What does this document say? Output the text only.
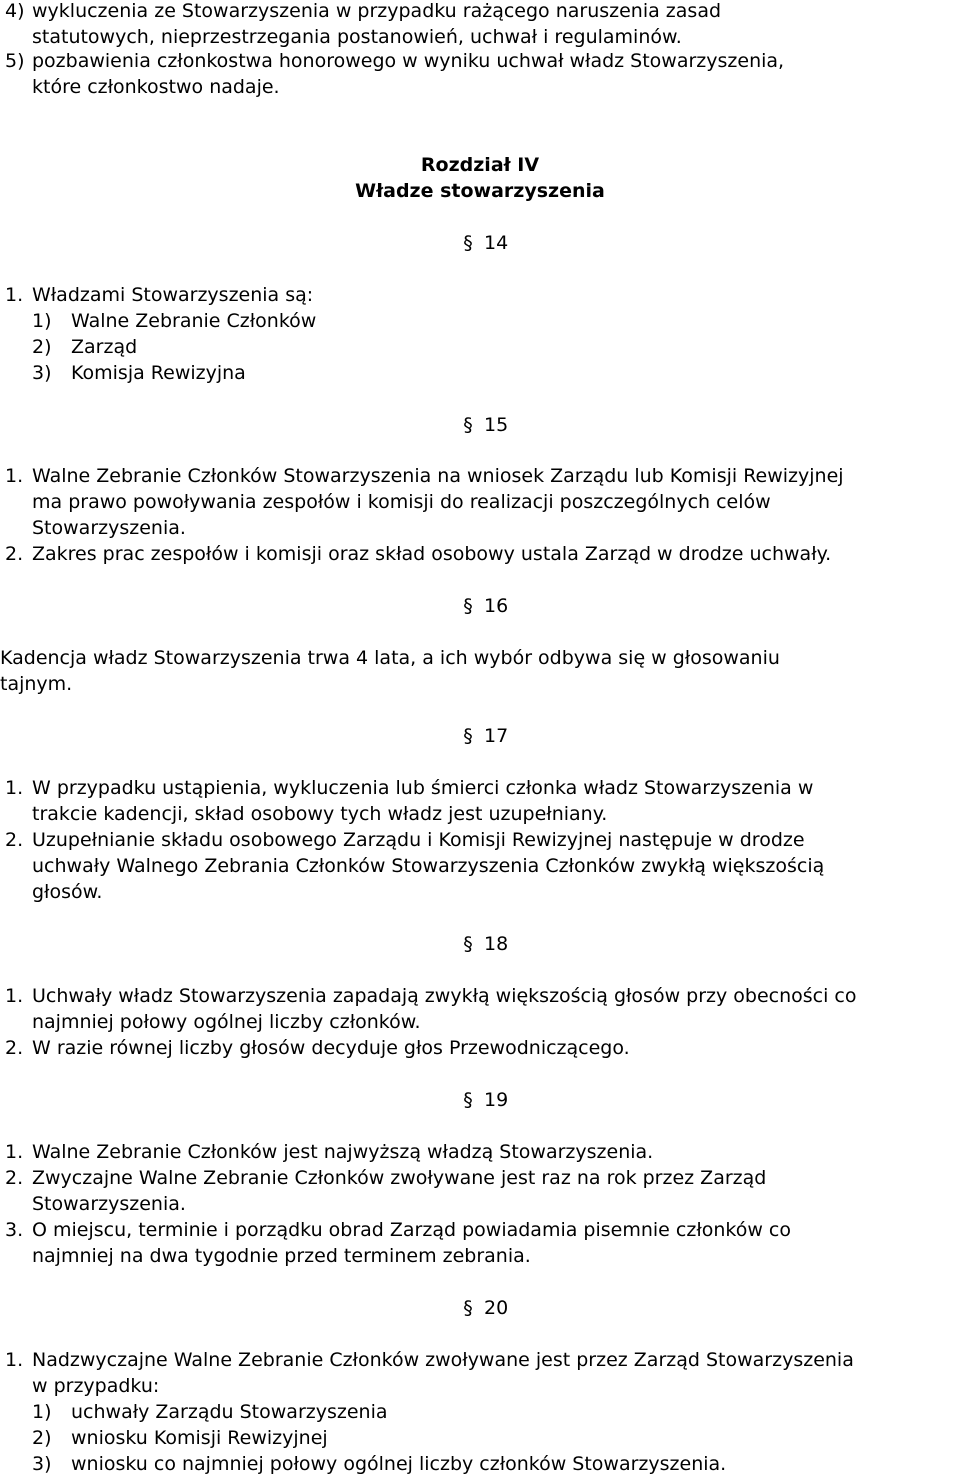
4) wykluczenia ze Stowarzyszenia w przypadku rażącego naruszenia zasad
statutowych, nieprzestrzegania postanowień, uchwał i regulaminów.
5) pozbawienia członkostwa honorowego w wyniku uchwał władz Stowarzyszenia,
które członkostwo nadaje.
Rozdział IV
Władze stowarzyszenia
§ 14
1. Władzami Stowarzyszenia są:
1) Walne Zebranie Członków
2) Zarząd
3) Komisja Rewizyjna
§ 15
1. Walne Zebranie Członków Stowarzyszenia na wniosek Zarządu lub Komisji Rewizyjnej
ma prawo powoływania zespołów i komisji do realizacji poszczególnych celów
Stowarzyszenia.
2. Zakres prac zespołów i komisji oraz skład osobowy ustala Zarząd w drodze uchwały.
§ 16
Kadencja władz Stowarzyszenia trwa 4 lata, a ich wybór odbywa się w głosowaniu
tajnym.
§ 17
1. W przypadku ustąpienia, wykluczenia lub śmierci członka władz Stowarzyszenia w
trakcie kadencji, skład osobowy tych władz jest uzupełniany.
2. Uzupełnianie składu osobowego Zarządu i Komisji Rewizyjnej następuje w drodze
uchwały Walnego Zebrania Członków Stowarzyszenia Członków zwykłą większością
głosów.
§ 18
1. Uchwały władz Stowarzyszenia zapadają zwykłą większością głosów przy obecności co
najmniej połowy ogólnej liczby członków.
2. W razie równej liczby głosów decyduje głos Przewodniczącego.
§ 19
1. Walne Zebranie Członków jest najwyższą władzą Stowarzyszenia.
2. Zwyczajne Walne Zebranie Członków zwoływane jest raz na rok przez Zarząd
Stowarzyszenia.
3. O miejscu, terminie i porządku obrad Zarząd powiadamia pisemnie członków co
najmniej na dwa tygodnie przed terminem zebrania.
§ 20
1. Nadzwyczajne Walne Zebranie Członków zwoływane jest przez Zarząd Stowarzyszenia
w przypadku:
1) uchwały Zarządu Stowarzyszenia
2) wniosku Komisji Rewizyjnej
3) wniosku co najmniej połowy ogólnej liczby członków Stowarzyszenia.
